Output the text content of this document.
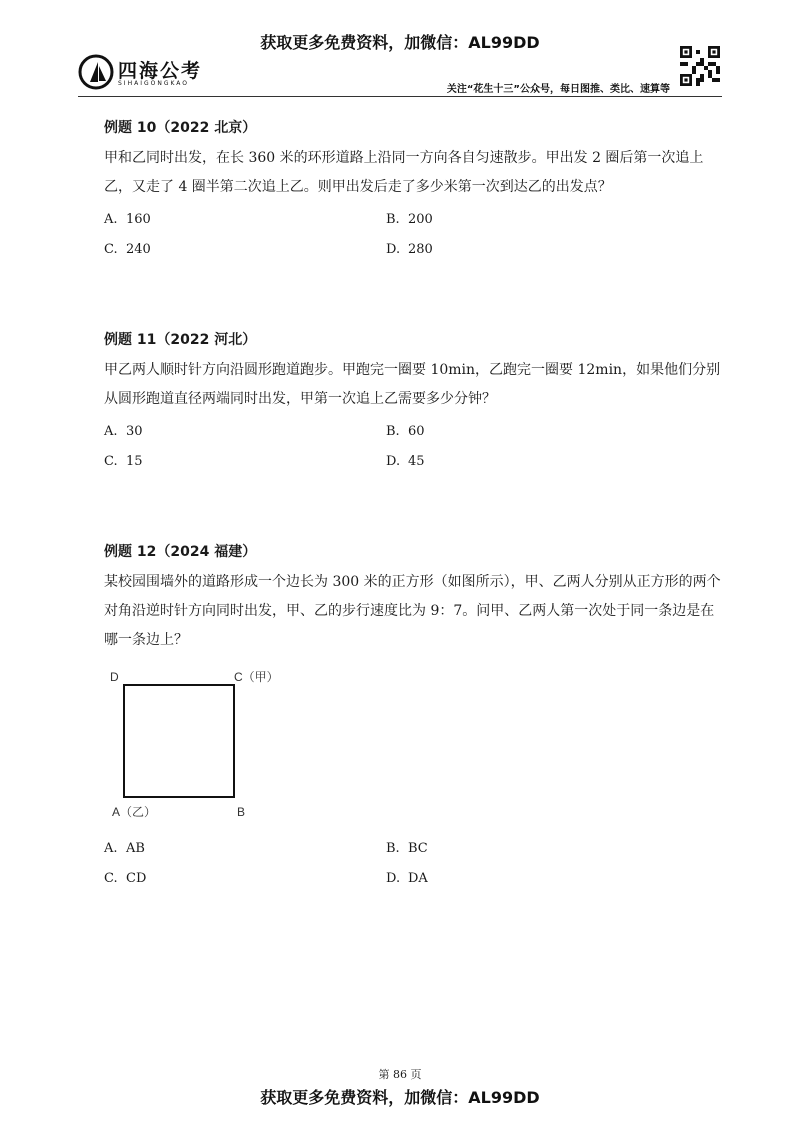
获取更多免费资料，加微信：AL99DD
四海公考
SIHAIGONGKAO
关注“花生十三”公众号，每日图推、类比、速算等
例题 10（2022 北京）

甲和乙同时出发，在长 360 米的环形道路上沿同一方向各自匀速散步。甲出发 2 圈后第一次追上乙，又走了 4 圈半第二次追上乙。则甲出发后走了多少米第一次到达乙的出发点？

A. 160	B. 200
C. 240	D. 280
例题 11（2022 河北）

甲乙两人顺时针方向沿圆形跑道跑步。甲跑完一圈要 10min，乙跑完一圈要 12min，如果他们分别从圆形跑道直径两端同时出发，甲第一次追上乙需要多少分钟？

A. 30	B. 60
C. 15	D. 45
例题 12（2024 福建）

某校园围墙外的道路形成一个边长为 300 米的正方形（如图所示），甲、乙两人分别从正方形的两个对角沿逆时针方向同时出发，甲、乙的步行速度比为 9：7。问甲、乙两人第一次处于同一条边是在哪一条边上？

D	C（甲）
A（乙）	B
A. AB	B. BC
C. CD	D. DA
第 86 页
获取更多免费资料，加微信：AL99DD
